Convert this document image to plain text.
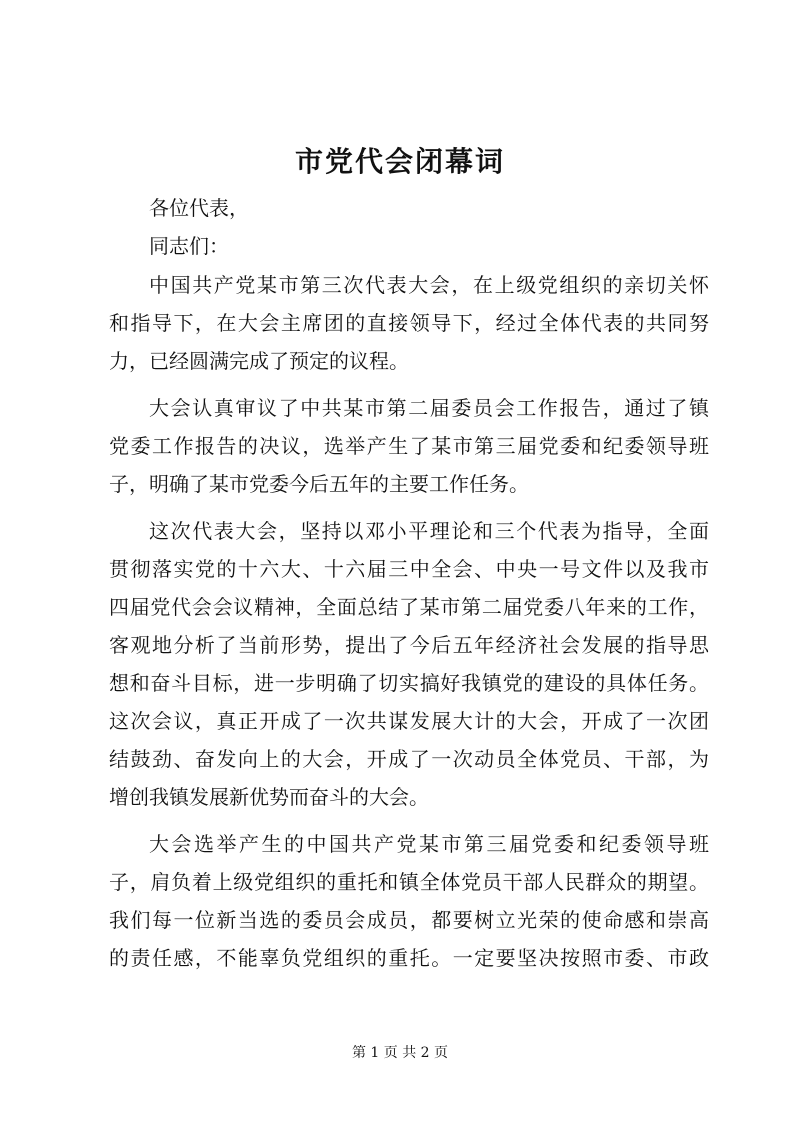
市党代会闭幕词
各位代表，
同志们：
中国共产党某市第三次代表大会，在上级党组织的亲切关怀
和指导下，在大会主席团的直接领导下，经过全体代表的共同努
力，已经圆满完成了预定的议程。
大会认真审议了中共某市第二届委员会工作报告，通过了镇
党委工作报告的决议，选举产生了某市第三届党委和纪委领导班
子，明确了某市党委今后五年的主要工作任务。
这次代表大会，坚持以邓小平理论和三个代表为指导，全面
贯彻落实党的十六大、十六届三中全会、中央一号文件以及我市
四届党代会会议精神，全面总结了某市第二届党委八年来的工作，
客观地分析了当前形势，提出了今后五年经济社会发展的指导思
想和奋斗目标，进一步明确了切实搞好我镇党的建设的具体任务。
这次会议，真正开成了一次共谋发展大计的大会，开成了一次团
结鼓劲、奋发向上的大会，开成了一次动员全体党员、干部，为
增创我镇发展新优势而奋斗的大会。
大会选举产生的中国共产党某市第三届党委和纪委领导班
子，肩负着上级党组织的重托和镇全体党员干部人民群众的期望。
我们每一位新当选的委员会成员，都要树立光荣的使命感和崇高
的责任感，不能辜负党组织的重托。一定要坚决按照市委、市政
第 1 页 共 2 页
